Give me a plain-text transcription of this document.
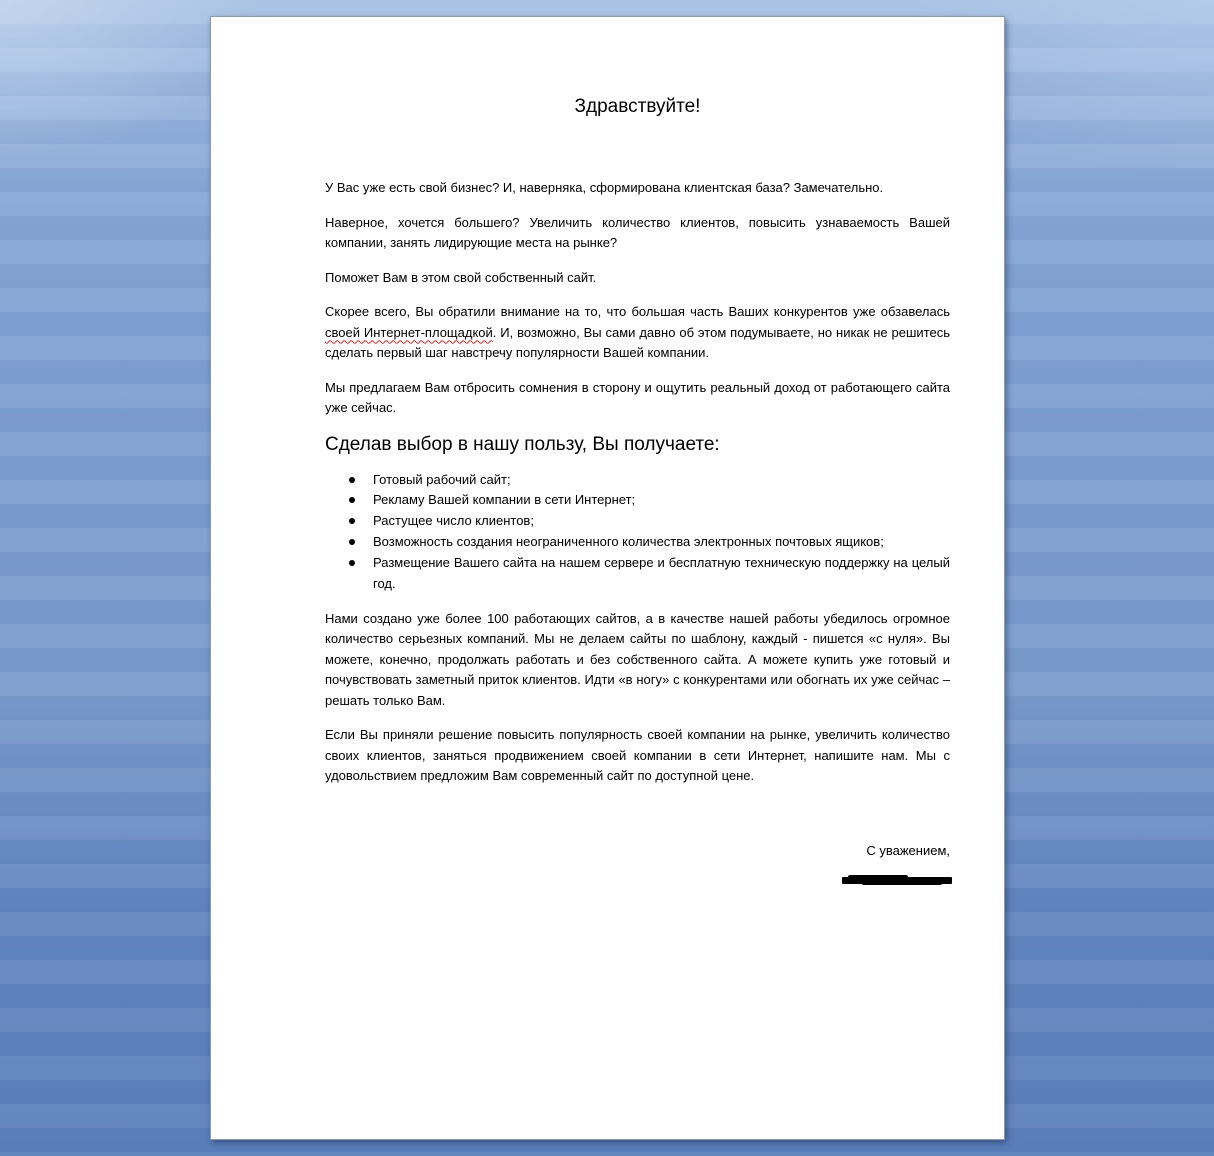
Здравствуйте!

У Вас уже есть свой бизнес? И, наверняка, сформирована клиентская база? Замечательно.

Наверное, хочется большего? Увеличить количество клиентов, повысить узнаваемость Вашей компании, занять лидирующие места на рынке?

Поможет Вам в этом свой собственный сайт.

Скорее всего, Вы обратили внимание на то, что большая часть Ваших конкурентов уже обзавелась своей Интернет-площадкой. И, возможно, Вы сами давно об этом подумываете, но никак не решитесь сделать первый шаг навстречу популярности Вашей компании.

Мы предлагаем Вам отбросить сомнения в сторону и ощутить реальный доход от работающего сайта уже сейчас.

Сделав выбор в нашу пользу, Вы получаете:
Готовый рабочий сайт;
Рекламу Вашей компании в сети Интернет;
Растущее число клиентов;
Возможность создания неограниченного количества электронных почтовых ящиков;
Размещение Вашего сайта на нашем сервере и бесплатную техническую поддержку на целый год.

Нами создано уже более 100 работающих сайтов, а в качестве нашей работы убедилось огромное количество серьезных компаний. Мы не делаем сайты по шаблону, каждый - пишется «с нуля». Вы можете, конечно, продолжать работать и без собственного сайта. А можете купить уже готовый и почувствовать заметный приток клиентов. Идти «в ногу» с конкурентами или обогнать их уже сейчас – решать только Вам.

Если Вы приняли решение повысить популярность своей компании на рынке, увеличить количество своих клиентов, заняться продвижением своей компании в сети Интернет, напишите нам. Мы с удовольствием предложим Вам современный сайт по доступной цене.

С уважением,
